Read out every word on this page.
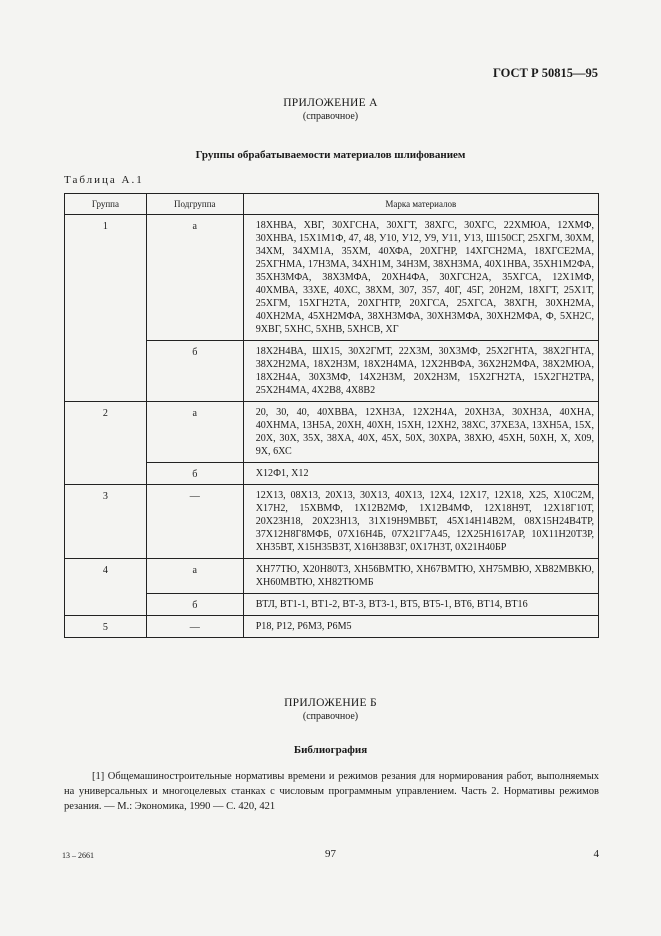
ГОСТ Р 50815—95
ПРИЛОЖЕНИЕ А
(справочное)
Группы обрабатываемости материалов шлифованием
Таблица А.1
Группа	Подгруппа	Марка материалов
1	а	18ХНВА, ХВГ, 30ХГСНА, 30ХГТ, 38ХГС, 30ХГС, 22ХМЮА, 12ХМФ, 30ХНВА, 15Х1М1Ф, 47, 48, У10, У12, У9, У11, У13, Ш150СГ, 25ХГМ, 30ХМ, 34ХМ, 34ХМ1А, 35ХМ, 40ХФА, 20ХГНР, 14ХГСН2МА, 18ХГСЕ2МА, 25ХГНМА, 17Н3МА, 34ХН1М, 34Н3М, 38ХН3МА, 40Х1НВА, 35ХН1М2ФА, 35ХН3МФА, 38Х3МФА, 20ХН4ФА, 30ХГСН2А, 35ХГСА, 12Х1МФ, 40ХМВА, 33ХЕ, 40ХС, 38ХМ, 307, 357, 40Г, 45Г, 20Н2М, 18ХГТ, 25Х1Т, 25ХГМ, 15ХГН2ТА, 20ХГНТР, 20ХГСА, 25ХГСА, 38ХГН, 30ХН2МА, 40ХН2МА, 45ХН2МФА, 38ХН3МФА, 30ХН3МФА, 30ХН2МФА, Ф, 5ХН2С, 9ХВГ, 5ХНС, 5ХНВ, 5ХНСВ, ХГ
	б	18Х2Н4ВА, ШХ15, 30Х2ГМТ, 22Х3М, 30Х3МФ, 25Х2ГНТА, 38Х2ГНТА, 38Х2Н2МА, 18Х2Н3М, 18Х2Н4МА, 12Х2НВФА, 36Х2Н2МФА, 38Х2МЮА, 18Х2Н4А, 30Х3МФ, 14Х2Н3М, 20Х2Н3М, 15Х2ГН2ТА, 15Х2ГН2ТРА, 25Х2Н4МА, 4Х2В8, 4Х8В2
2	а	20, 30, 40, 40ХВВА, 12ХН3А, 12Х2Н4А, 20ХН3А, 30ХН3А, 40ХНА, 40ХНМА, 13Н5А, 20ХН, 40ХН, 15ХН, 12ХН2, 38ХС, 37ХЕ3А, 13ХН5А, 15Х, 20Х, 30Х, 35Х, 38ХА, 40Х, 45Х, 50Х, 30ХРА, 38ХЮ, 45ХН, 50ХН, Х, Х09, 9Х, 6ХС
	б	Х12Ф1, Х12
3	—	12Х13, 08Х13, 20Х13, 30Х13, 40Х13, 12Х4, 12Х17, 12Х18, Х25, Х10С2М, Х17Н2, 15ХВМФ, 1Х12В2МФ, 1Х12В4МФ, 12Х18Н9Т, 12Х18Г10Т, 20Х23Н18, 20Х23Н13, 31Х19Н9МВБТ, 45Х14Н14В2М, 08Х15Н24В4ТР, 37Х12Н8Г8МФБ, 07Х16Н4Б, 07Х21Г7А45, 12Х25Н1617АР, 10Х11Н20Т3Р, ХН35ВТ, Х15Н35В3Т, Х16Н38В3Г, 0Х17Н3Т, 0Х21Н40БР
4	а	ХН77ТЮ, Х20Н80Т3, ХН56ВМТЮ, ХН67ВМТЮ, ХН75МВЮ, ХВ82МВКЮ, ХН60МВТЮ, ХН82ТЮМБ
	б	ВТЛ, ВТ1-1, ВТ1-2, ВТ-3, ВТ3-1, ВТ5, ВТ5-1, ВТ6, ВТ14, ВТ16
5	—	Р18, Р12, Р6М3, Р6М5
ПРИЛОЖЕНИЕ Б
(справочное)
Библиография
[1] Общемашиностроительные нормативы времени и режимов резания для нормирования работ, выполняемых на универсальных и многоцелевых станках с числовым программным управлением. Часть 2. Нормативы режимов резания. — М.: Экономика, 1990 — С. 420, 421
13 – 2661	97	4
